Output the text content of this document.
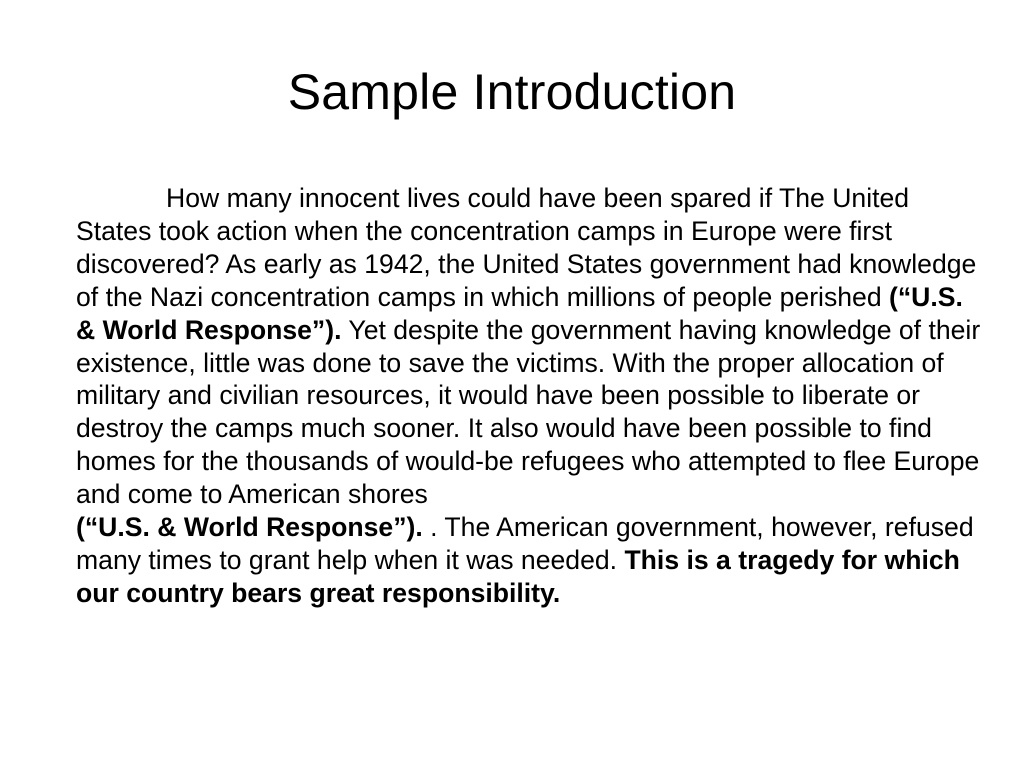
Sample Introduction

How many innocent lives could have been spared if The United States took action when the concentration camps in Europe were first discovered? As early as 1942, the United States government had knowledge of the Nazi concentration camps in which millions of people perished (“U.S. & World Response”). Yet despite the government having knowledge of their existence, little was done to save the victims. With the proper allocation of military and civilian resources, it would have been possible to liberate or destroy the camps much sooner. It also would have been possible to find homes for the thousands of would-be refugees who attempted to flee Europe and come to American shores
(“U.S. & World Response”). . The American government, however, refused many times to grant help when it was needed. This is a tragedy for which our country bears great responsibility.
